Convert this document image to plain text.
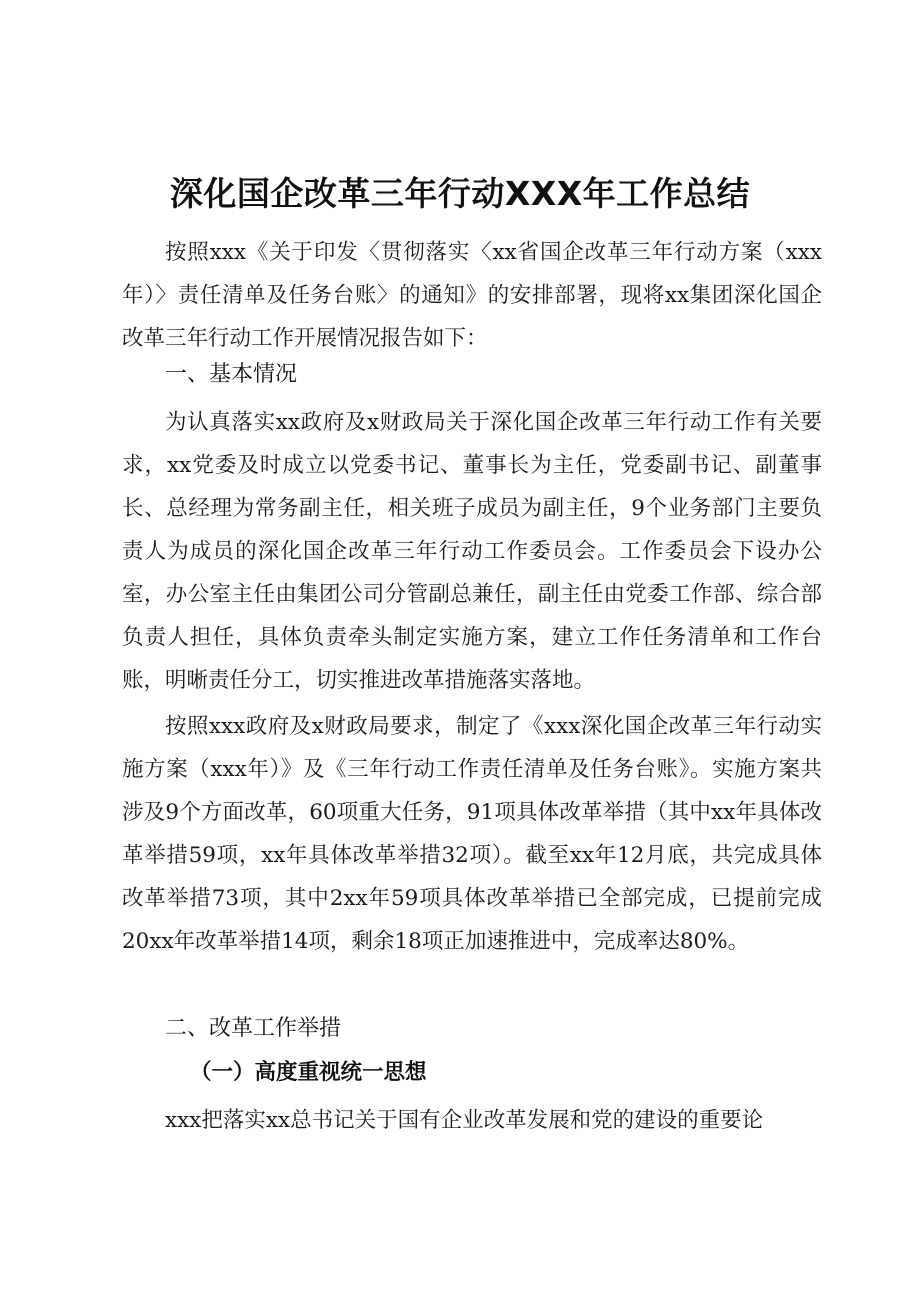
深化国企改革三年行动XXX年工作总结

按照xxx《关于印发〈贯彻落实〈xx省国企改革三年行动方案（xxx年）〉责任清单及任务台账〉的通知》的安排部署，现将xx集团深化国企改革三年行动工作开展情况报告如下：

一、基本情况

为认真落实xx政府及x财政局关于深化国企改革三年行动工作有关要求，xx党委及时成立以党委书记、董事长为主任，党委副书记、副董事长、总经理为常务副主任，相关班子成员为副主任，9个业务部门主要负责人为成员的深化国企改革三年行动工作委员会。工作委员会下设办公室，办公室主任由集团公司分管副总兼任，副主任由党委工作部、综合部负责人担任，具体负责牵头制定实施方案，建立工作任务清单和工作台账，明晰责任分工，切实推进改革措施落实落地。

按照xxx政府及x财政局要求，制定了《xxx深化国企改革三年行动实施方案（xxx年）》及《三年行动工作责任清单及任务台账》。实施方案共涉及9个方面改革，60项重大任务，91项具体改革举措（其中xx年具体改革举措59项，xx年具体改革举措32项）。截至xx年12月底，共完成具体改革举措73项，其中2xx年59项具体改革举措已全部完成，已提前完成20xx年改革举措14项，剩余18项正加速推进中，完成率达80%。

二、改革工作举措
（一）高度重视统一思想

xxx把落实xx总书记关于国有企业改革发展和党的建设的重要论
